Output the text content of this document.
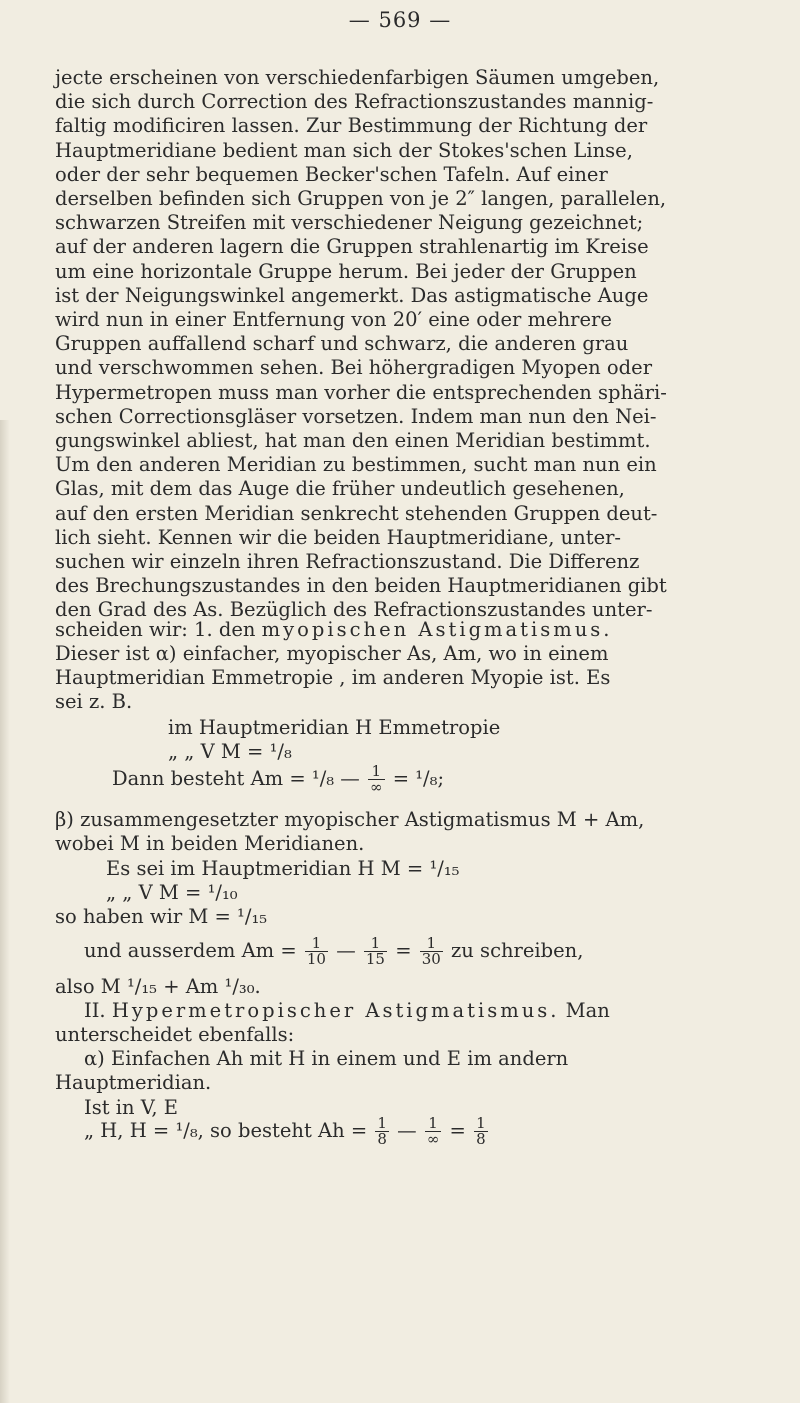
— 569 —
jecte erscheinen von verschiedenfarbigen Säumen umgeben,
die sich durch Correction des Refractionszustandes mannig-
faltig modificiren lassen. Zur Bestimmung der Richtung der
Hauptmeridiane bedient man sich der Stokes'schen Linse,
oder der sehr bequemen Becker'schen Tafeln. Auf einer
derselben befinden sich Gruppen von je 2″ langen, parallelen,
schwarzen Streifen mit verschiedener Neigung gezeichnet;
auf der anderen lagern die Gruppen strahlenartig im Kreise
um eine horizontale Gruppe herum. Bei jeder der Gruppen
ist der Neigungswinkel angemerkt. Das astigmatische Auge
wird nun in einer Entfernung von 20′ eine oder mehrere
Gruppen auffallend scharf und schwarz, die anderen grau
und verschwommen sehen. Bei höhergradigen Myopen oder
Hypermetropen muss man vorher die entsprechenden sphäri-
schen Correctionsgläser vorsetzen. Indem man nun den Nei-
gungswinkel abliest, hat man den einen Meridian bestimmt.
Um den anderen Meridian zu bestimmen, sucht man nun ein
Glas, mit dem das Auge die früher undeutlich gesehenen,
auf den ersten Meridian senkrecht stehenden Gruppen deut-
lich sieht. Kennen wir die beiden Hauptmeridiane, unter-
suchen wir einzeln ihren Refractionszustand. Die Differenz
des Brechungszustandes in den beiden Hauptmeridianen gibt
den Grad des As. Bezüglich des Refractionszustandes unter-
scheiden wir: 1. den myopischen Astigmatismus.
Dieser ist α) einfacher, myopischer As, Am, wo in einem
Hauptmeridian Emmetropie , im anderen Myopie ist. Es
sei z. B.
im Hauptmeridian H Emmetropie
„ „ V M = ¹/₈
Dann besteht Am = ¹/₈ — 1
∞ = ¹/₈;
β) zusammengesetzter myopischer Astigmatismus M + Am,
wobei M in beiden Meridianen.
Es sei im Hauptmeridian H M = ¹/₁₅
„ „ V M = ¹/₁₀
so haben wir M = ¹/₁₅
und ausserdem $Am = \frac{1}{10}$ — $\frac{1}{15} = \frac{1}{30}$ zu schreiben,
also M ¹/₁₅ + Am ¹/₃₀.
II. Hypermetropischer Astigmatismus. Man
unterscheidet ebenfalls:
α) Einfachen Ah mit H in einem und E im andern
Hauptmeridian.
Ist in V, E
„ H, H = ¹/₈, so besteht $Ah = \frac{1}{8}$ — 1
∞ = $\frac{1}{8}$
